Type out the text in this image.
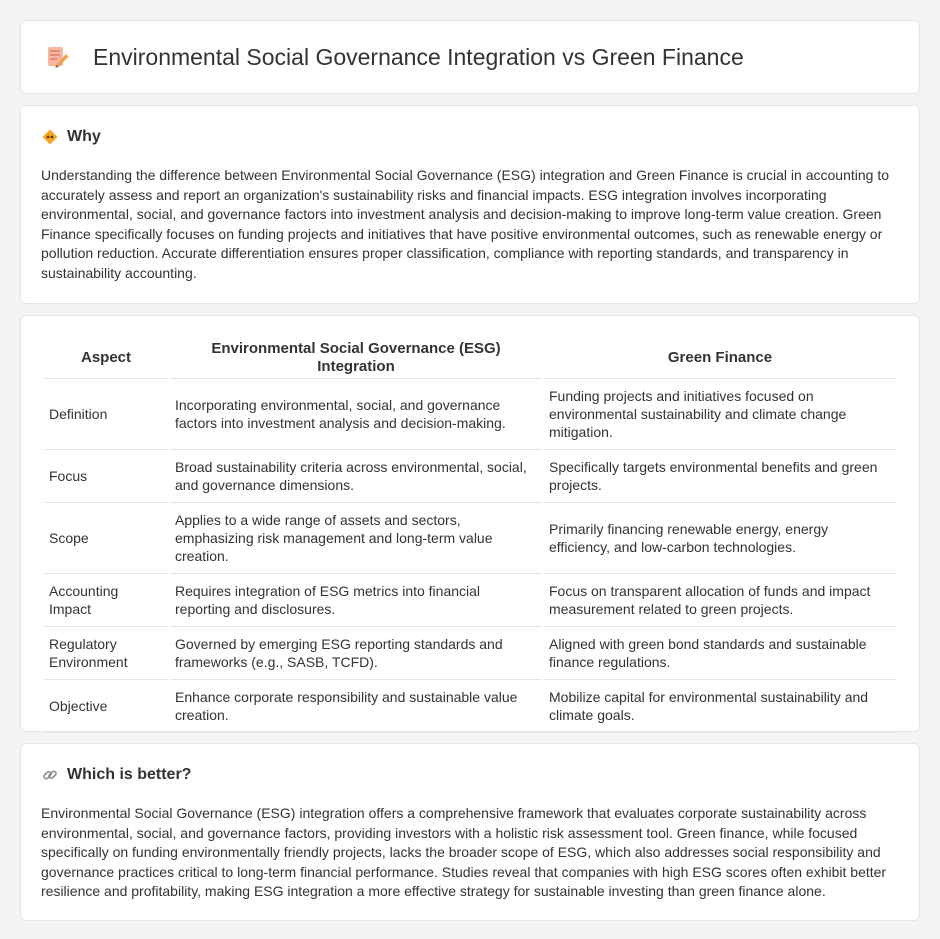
Environmental Social Governance Integration vs Green Finance
Why

Understanding the difference between Environmental Social Governance (ESG) integration and Green Finance is crucial in accounting to accurately assess and report an organization's sustainability risks and financial impacts. ESG integration involves incorporating environmental, social, and governance factors into investment analysis and decision-making to improve long-term value creation. Green Finance specifically focuses on funding projects and initiatives that have positive environmental outcomes, such as renewable energy or pollution reduction. Accurate differentiation ensures proper classification, compliance with reporting standards, and transparency in sustainability accounting.

Aspect	Environmental Social Governance (ESG) Integration	Green Finance
Definition	Incorporating environmental, social, and governance factors into investment analysis and decision-making.	Funding projects and initiatives focused on environmental sustainability and climate change mitigation.
Focus	Broad sustainability criteria across environmental, social, and governance dimensions.	Specifically targets environmental benefits and green projects.
Scope	Applies to a wide range of assets and sectors, emphasizing risk management and long-term value creation.	Primarily financing renewable energy, energy efficiency, and low-carbon technologies.
Accounting Impact	Requires integration of ESG metrics into financial reporting and disclosures.	Focus on transparent allocation of funds and impact measurement related to green projects.
Regulatory Environment	Governed by emerging ESG reporting standards and frameworks (e.g., SASB, TCFD).	Aligned with green bond standards and sustainable finance regulations.
Objective	Enhance corporate responsibility and sustainable value creation.	Mobilize capital for environmental sustainability and climate goals.
Which is better?

Environmental Social Governance (ESG) integration offers a comprehensive framework that evaluates corporate sustainability across environmental, social, and governance factors, providing investors with a holistic risk assessment tool. Green finance, while focused specifically on funding environmentally friendly projects, lacks the broader scope of ESG, which also addresses social responsibility and governance practices critical to long-term financial performance. Studies reveal that companies with high ESG scores often exhibit better resilience and profitability, making ESG integration a more effective strategy for sustainable investing than green finance alone.
